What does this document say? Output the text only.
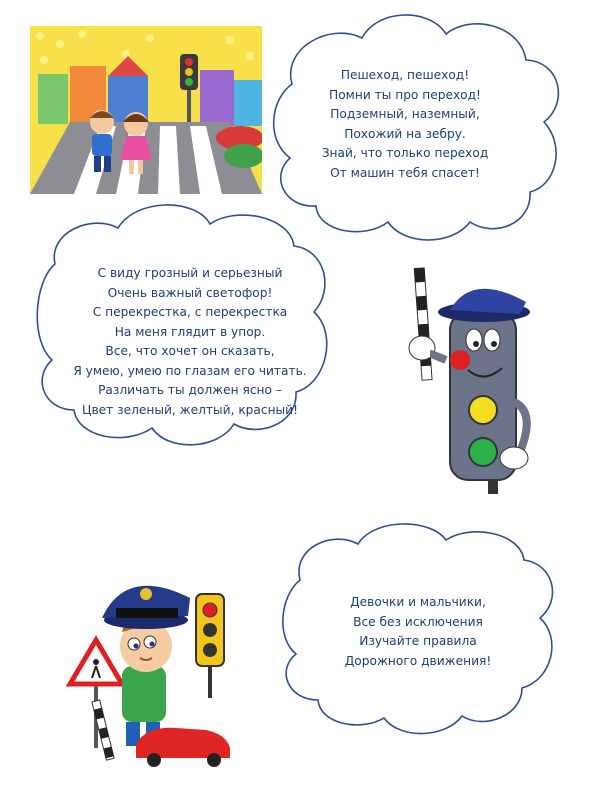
Пешеход, пешеход!
Помни ты про переход!
Подземный, наземный,
Похожий на зебру.
Знай, что только переход
От машин тебя спасет!
С виду грозный и серьезный
Очень важный светофор!
С перекрестка, с перекрестка
На меня глядит в упор.
Все, что хочет он сказать,
Я умею, умею по глазам его читать.
Различать ты должен ясно –
Цвет зеленый, желтый, красный!
Девочки и мальчики,
Все без исключения
Изучайте правила
Дорожного движения!
